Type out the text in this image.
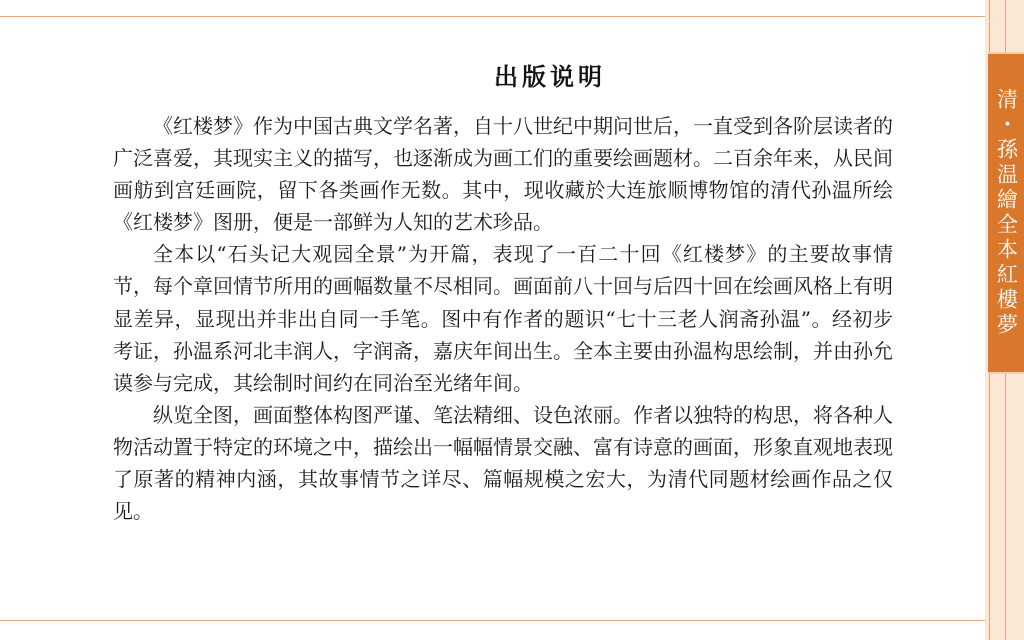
出版说明

《红楼梦》作为中国古典文学名著，自十八世纪中期问世后，一直受到各阶层读者的广泛喜爱，其现实主义的描写，也逐渐成为画工们的重要绘画题材。二百余年来，从民间画舫到宫廷画院，留下各类画作无数。其中，现收藏於大连旅顺博物馆的清代孙温所绘《红楼梦》图册，便是一部鲜为人知的艺术珍品。

全本以“石头记大观园全景”为开篇，表现了一百二十回《红楼梦》的主要故事情节，每个章回情节所用的画幅数量不尽相同。画面前八十回与后四十回在绘画风格上有明显差异，显现出并非出自同一手笔。图中有作者的题识“七十三老人润斋孙温”。经初步考证，孙温系河北丰润人，字润斋，嘉庆年间出生。全本主要由孙温构思绘制，并由孙允谟参与完成，其绘制时间约在同治至光绪年间。

纵览全图，画面整体构图严谨、笔法精细、设色浓丽。作者以独特的构思，将各种人物活动置于特定的环境之中，描绘出一幅幅情景交融、富有诗意的画面，形象直观地表现了原著的精神内涵，其故事情节之详尽、篇幅规模之宏大，为清代同题材绘画作品之仅见。

清・孫温繪全本紅樓夢
